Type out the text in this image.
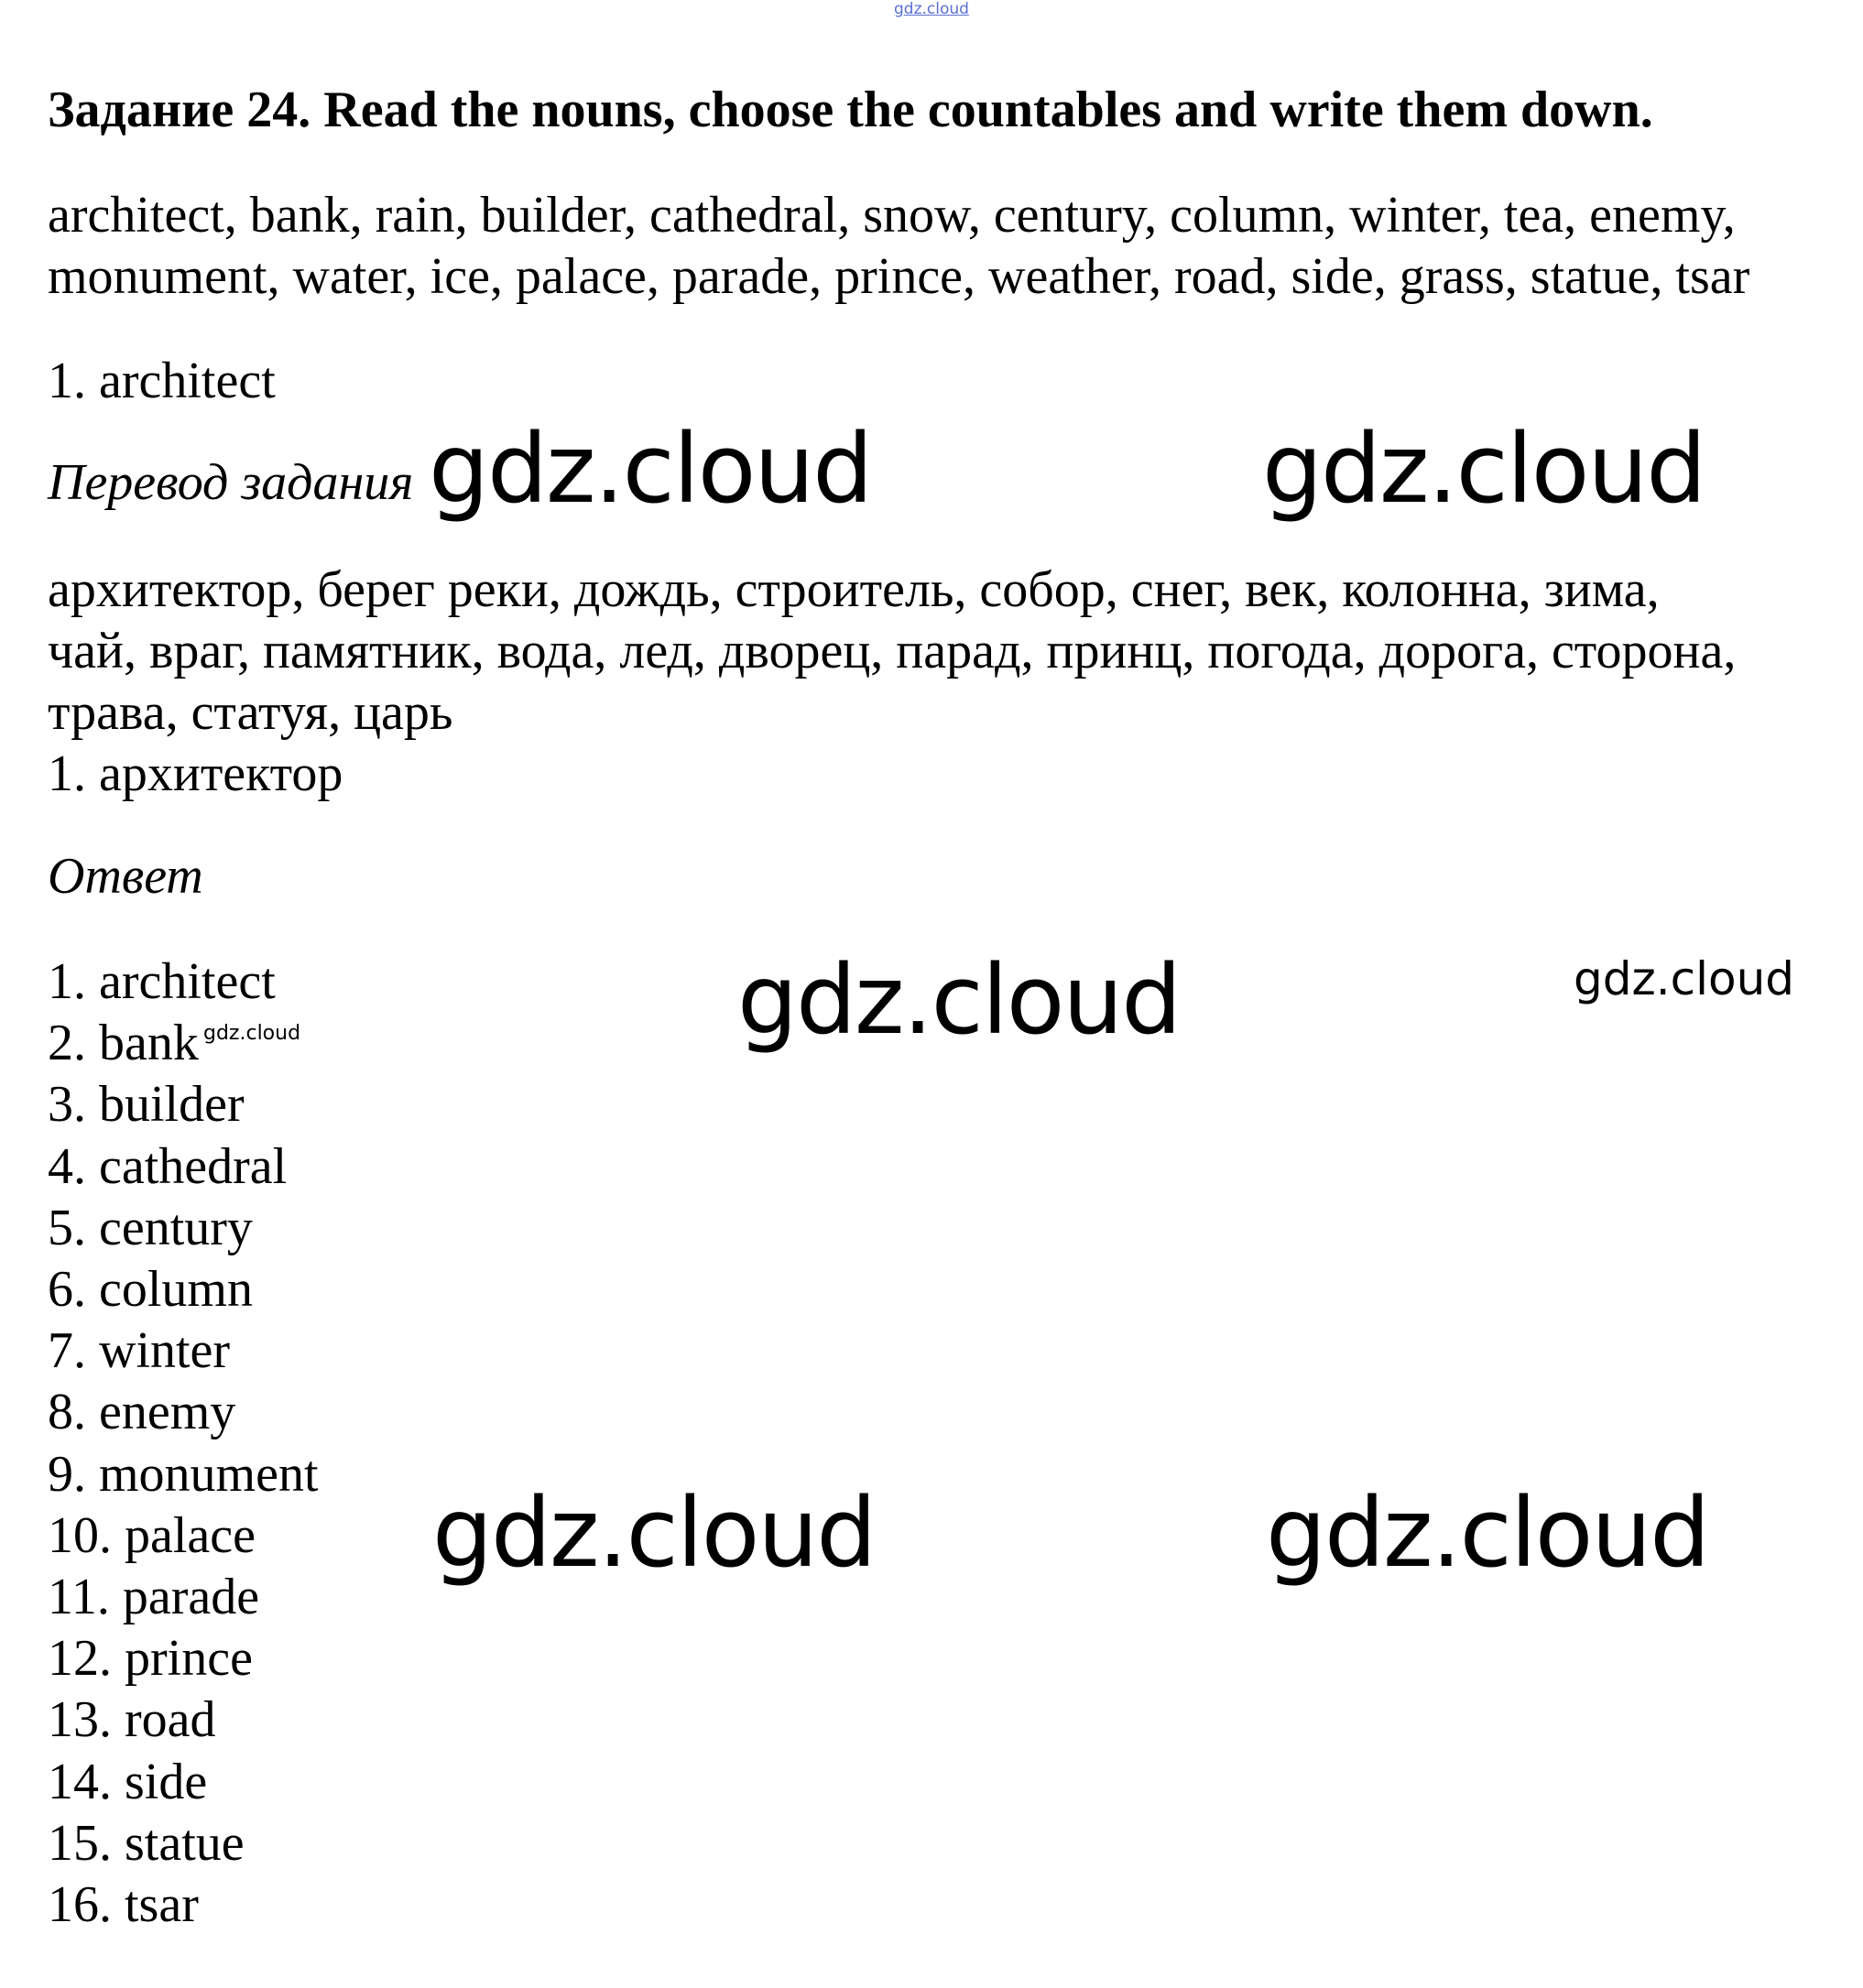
gdz.cloud
Задание 24. Read the nouns, choose the countables and write them down.
architect, bank, rain, builder, cathedral, snow, century, column, winter, tea, enemy,
monument, water, ice, palace, parade, prince, weather, road, side, grass, statue, tsar
1. architect
Перевод задания
архитектор, берег реки, дождь, строитель, собор, снег, век, колонна, зима,
чай, враг, памятник, вода, лед, дворец, парад, принц, погода, дорога, сторона,
трава, статуя, царь
1. архитектор
Ответ
1. architect
2. bank
3. builder
4. cathedral
5. century
6. column
7. winter
8. enemy
9. monument
10. palace
11. parade
12. prince
13. road
14. side
15. statue
16. tsar
gdz.cloud	gdz.cloud
gdz.cloud	gdz.cloud
gdz.cloud
gdz.cloud	gdz.cloud
